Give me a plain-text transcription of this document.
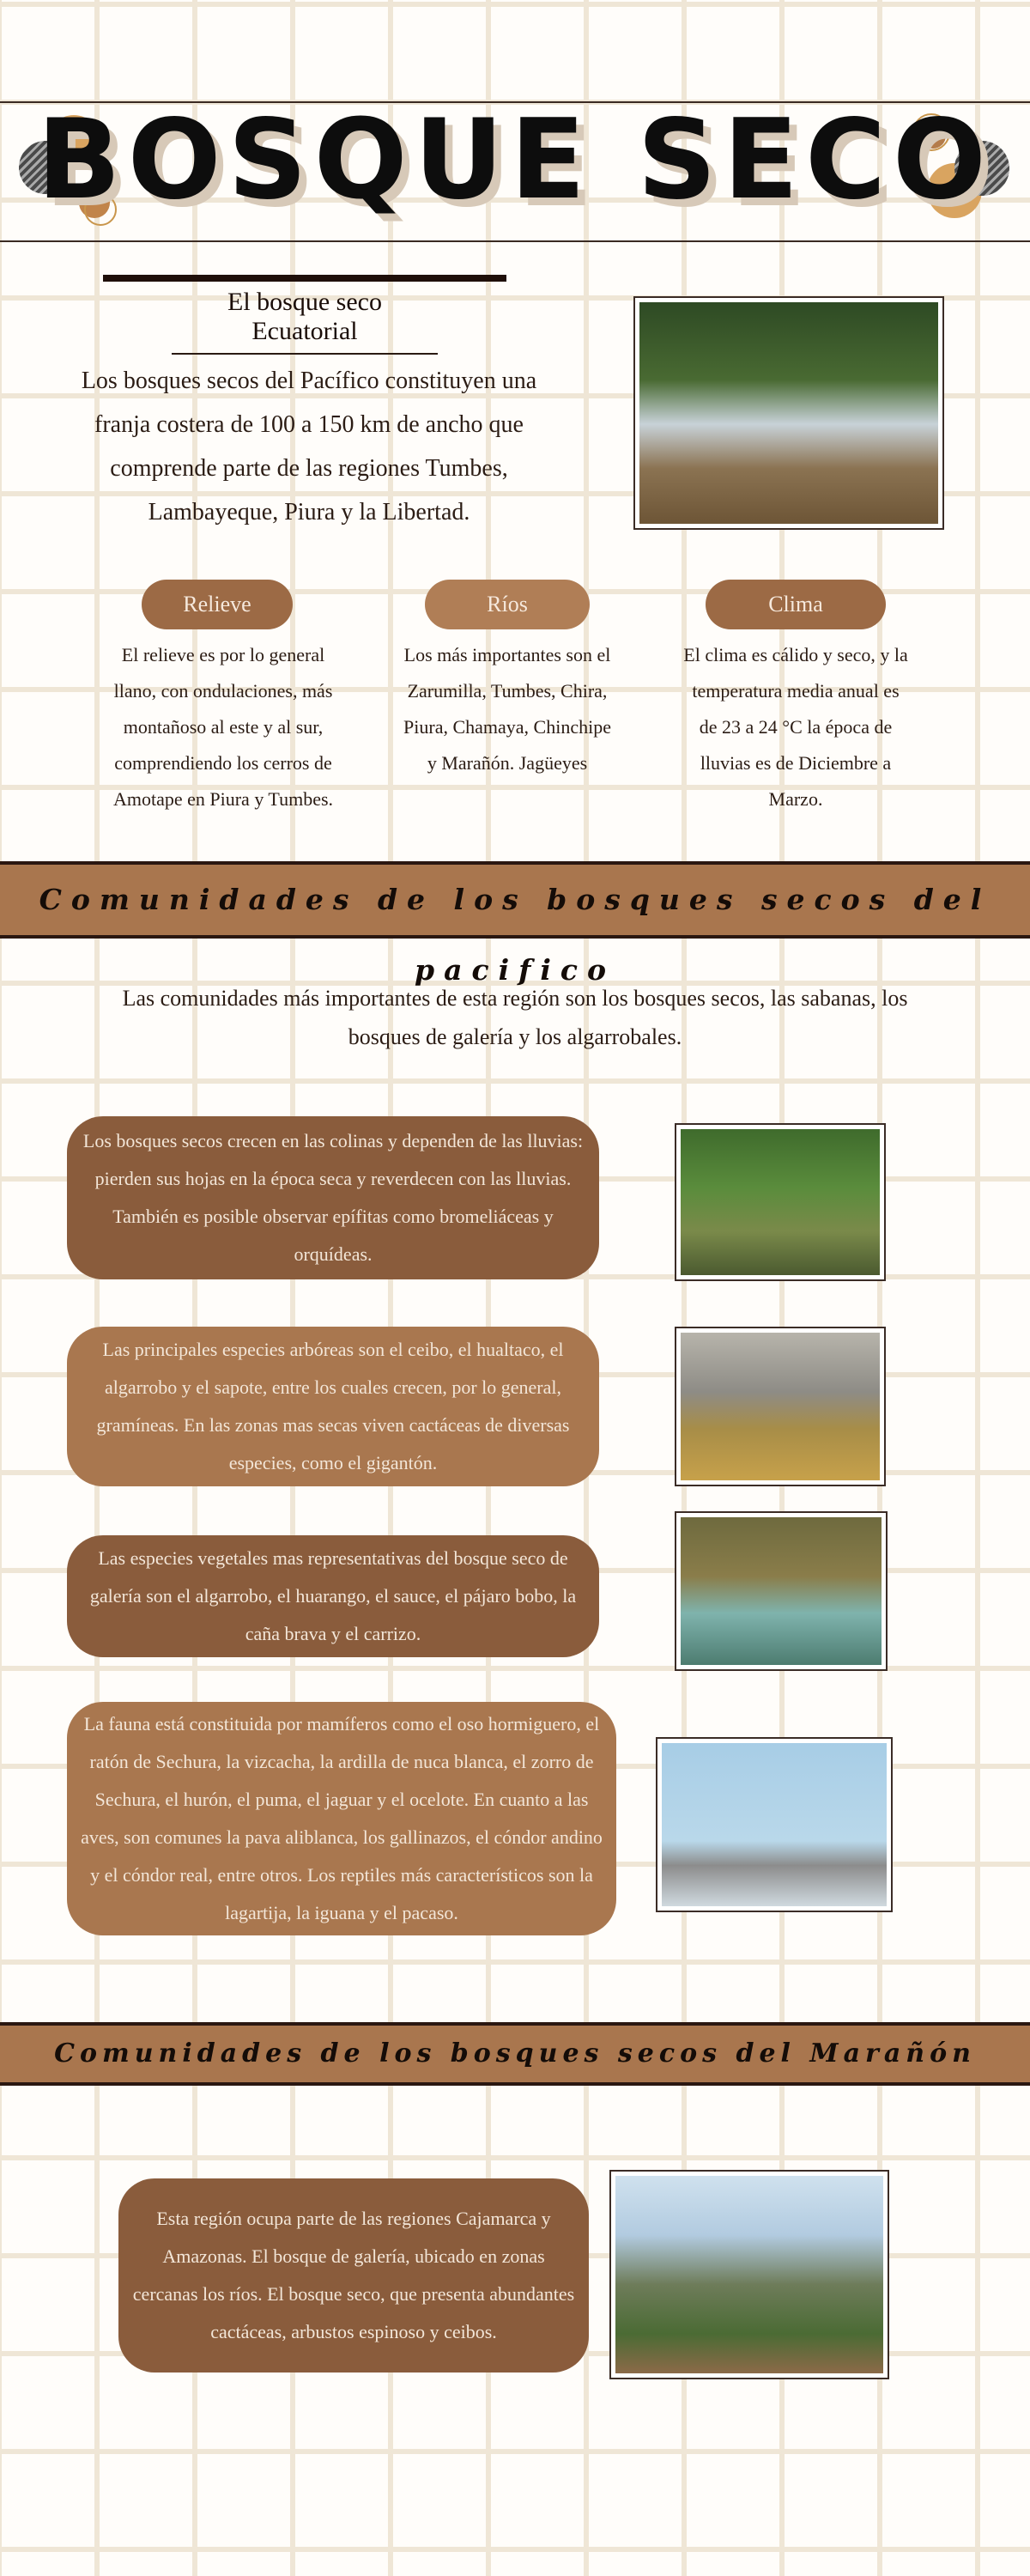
BOSQUE SECO
El bosque seco Ecuatorial
Los bosques secos del Pacífico constituyen una franja costera de 100 a 150 km de ancho que comprende parte de las regiones Tumbes, Lambayeque, Piura y la Libertad.
Relieve
El relieve es por lo general llano, con ondulaciones, más montañoso al este y al sur, comprendiendo los cerros de Amotape en Piura y Tumbes.
Ríos
Los más importantes son el Zarumilla, Tumbes, Chira, Piura, Chamaya, Chinchipe y Marañón. Jagüeyes
Clima
El clima es cálido y seco, y la temperatura media anual es de 23 a 24 °C la época de lluvias es de Diciembre a Marzo.
Comunidades de los bosques secos del pacifico
Las comunidades más importantes de esta región son los bosques secos, las sabanas, los bosques de galería y los algarrobales.
Los bosques secos crecen en las colinas y dependen de las lluvias: pierden sus hojas en la época seca y reverdecen con las lluvias. También es posible observar epífitas como bromeliáceas y orquídeas.
Las principales especies arbóreas son el ceibo, el hualtaco, el algarrobo y el sapote, entre los cuales crecen, por lo general, gramíneas. En las zonas mas secas viven cactáceas de diversas especies, como el gigantón.
Las especies vegetales mas representativas del bosque seco de galería son el algarrobo, el huarango, el sauce, el pájaro bobo, la caña brava y el carrizo.
La fauna está constituida por mamíferos como el oso hormiguero, el ratón de Sechura, la vizcacha, la ardilla de nuca blanca, el zorro de Sechura, el hurón, el puma, el jaguar y el ocelote. En cuanto a las aves, son comunes la pava aliblanca, los gallinazos, el cóndor andino y el cóndor real, entre otros. Los reptiles más característicos son la lagartija, la iguana y el pacaso.
Comunidades de los bosques secos del Marañón
Esta región ocupa parte de las regiones Cajamarca y Amazonas. El bosque de galería, ubicado en zonas cercanas los ríos. El bosque seco, que presenta abundantes cactáceas, arbustos espinoso y ceibos.
